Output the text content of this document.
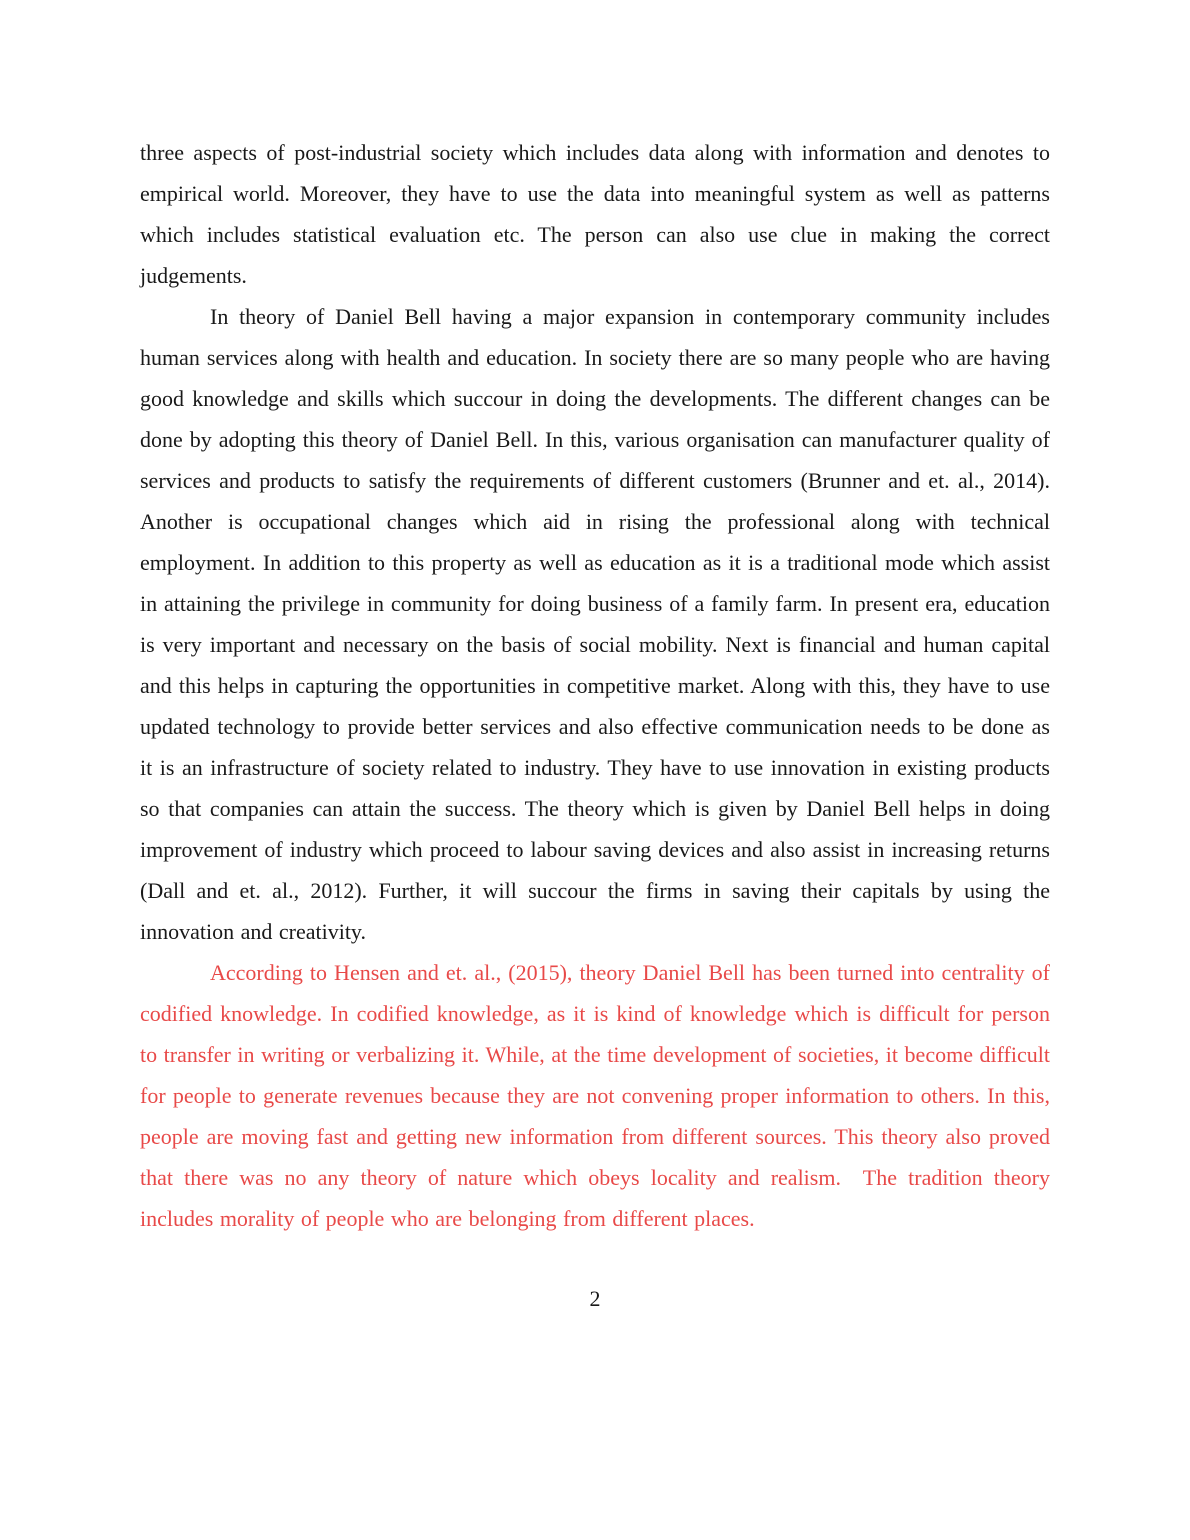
three aspects of post-industrial society which includes data along with information and denotes to empirical world. Moreover, they have to use the data into meaningful system as well as patterns which includes statistical evaluation etc. The person can also use clue in making the correct judgements.

In theory of Daniel Bell having a major expansion in contemporary community includes human services along with health and education. In society there are so many people who are having good knowledge and skills which succour in doing the developments. The different changes can be done by adopting this theory of Daniel Bell. In this, various organisation can manufacturer quality of services and products to satisfy the requirements of different customers (Brunner and et. al., 2014). Another is occupational changes which aid in rising the professional along with technical employment. In addition to this property as well as education as it is a traditional mode which assist in attaining the privilege in community for doing business of a family farm. In present era, education is very important and necessary on the basis of social mobility. Next is financial and human capital and this helps in capturing the opportunities in competitive market. Along with this, they have to use updated technology to provide better services and also effective communication needs to be done as it is an infrastructure of society related to industry. They have to use innovation in existing products so that companies can attain the success. The theory which is given by Daniel Bell helps in doing improvement of industry which proceed to labour saving devices and also assist in increasing returns (Dall and et. al., 2012). Further, it will succour the firms in saving their capitals by using the innovation and creativity.

According to Hensen and et. al., (2015), theory Daniel Bell has been turned into centrality of codified knowledge. In codified knowledge, as it is kind of knowledge which is difficult for person to transfer in writing or verbalizing it. While, at the time development of societies, it become difficult for people to generate revenues because they are not convening proper information to others. In this, people are moving fast and getting new information from different sources. This theory also proved that there was no any theory of nature which obeys locality and realism.  The tradition theory includes morality of people who are belonging from different places.

2
